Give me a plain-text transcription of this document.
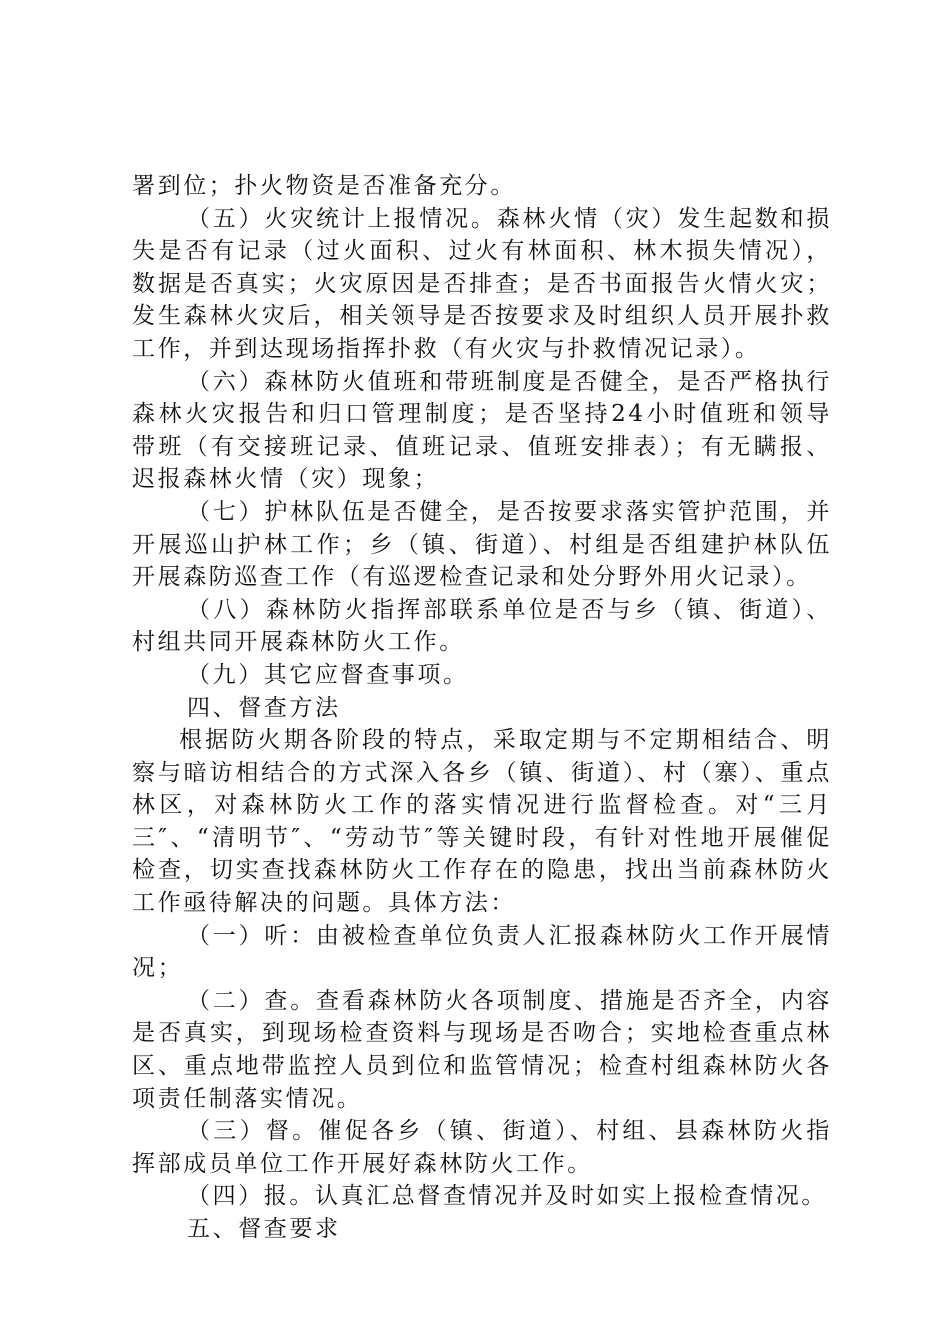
署到位；扑火物资是否准备充分。

（五）火灾统计上报情况。森林火情（灾）发生起数和损失是否有记录（过火面积、过火有林面积、林木损失情况），数据是否真实；火灾原因是否排查；是否书面报告火情火灾；发生森林火灾后，相关领导是否按要求及时组织人员开展扑救工作，并到达现场指挥扑救（有火灾与扑救情况记录）。

（六）森林防火值班和带班制度是否健全，是否严格执行森林火灾报告和归口管理制度；是否坚持24小时值班和领导带班（有交接班记录、值班记录、值班安排表）；有无瞒报、迟报森林火情（灾）现象；

（七）护林队伍是否健全，是否按要求落实管护范围，并开展巡山护林工作；乡（镇、街道）、村组是否组建护林队伍开展森防巡查工作（有巡逻检查记录和处分野外用火记录）。

（八）森林防火指挥部联系单位是否与乡（镇、街道）、村组共同开展森林防火工作。

（九）其它应督查事项。

四、督查方法

根据防火期各阶段的特点，采取定期与不定期相结合、明察与暗访相结合的方式深入各乡（镇、街道）、村（寨）、重点林区，对森林防火工作的落实情况进行监督检查。对“三月三″、“清明节″、“劳动节″等关键时段，有针对性地开展催促检查，切实查找森林防火工作存在的隐患，找出当前森林防火工作亟待解决的问题。具体方法：

（一）听：由被检查单位负责人汇报森林防火工作开展情况；

（二）查。查看森林防火各项制度、措施是否齐全，内容是否真实，到现场检查资料与现场是否吻合；实地检查重点林区、重点地带监控人员到位和监管情况；检查村组森林防火各项责任制落实情况。

（三）督。催促各乡（镇、街道）、村组、县森林防火指挥部成员单位工作开展好森林防火工作。

（四）报。认真汇总督查情况并及时如实上报检查情况。

五、督查要求
